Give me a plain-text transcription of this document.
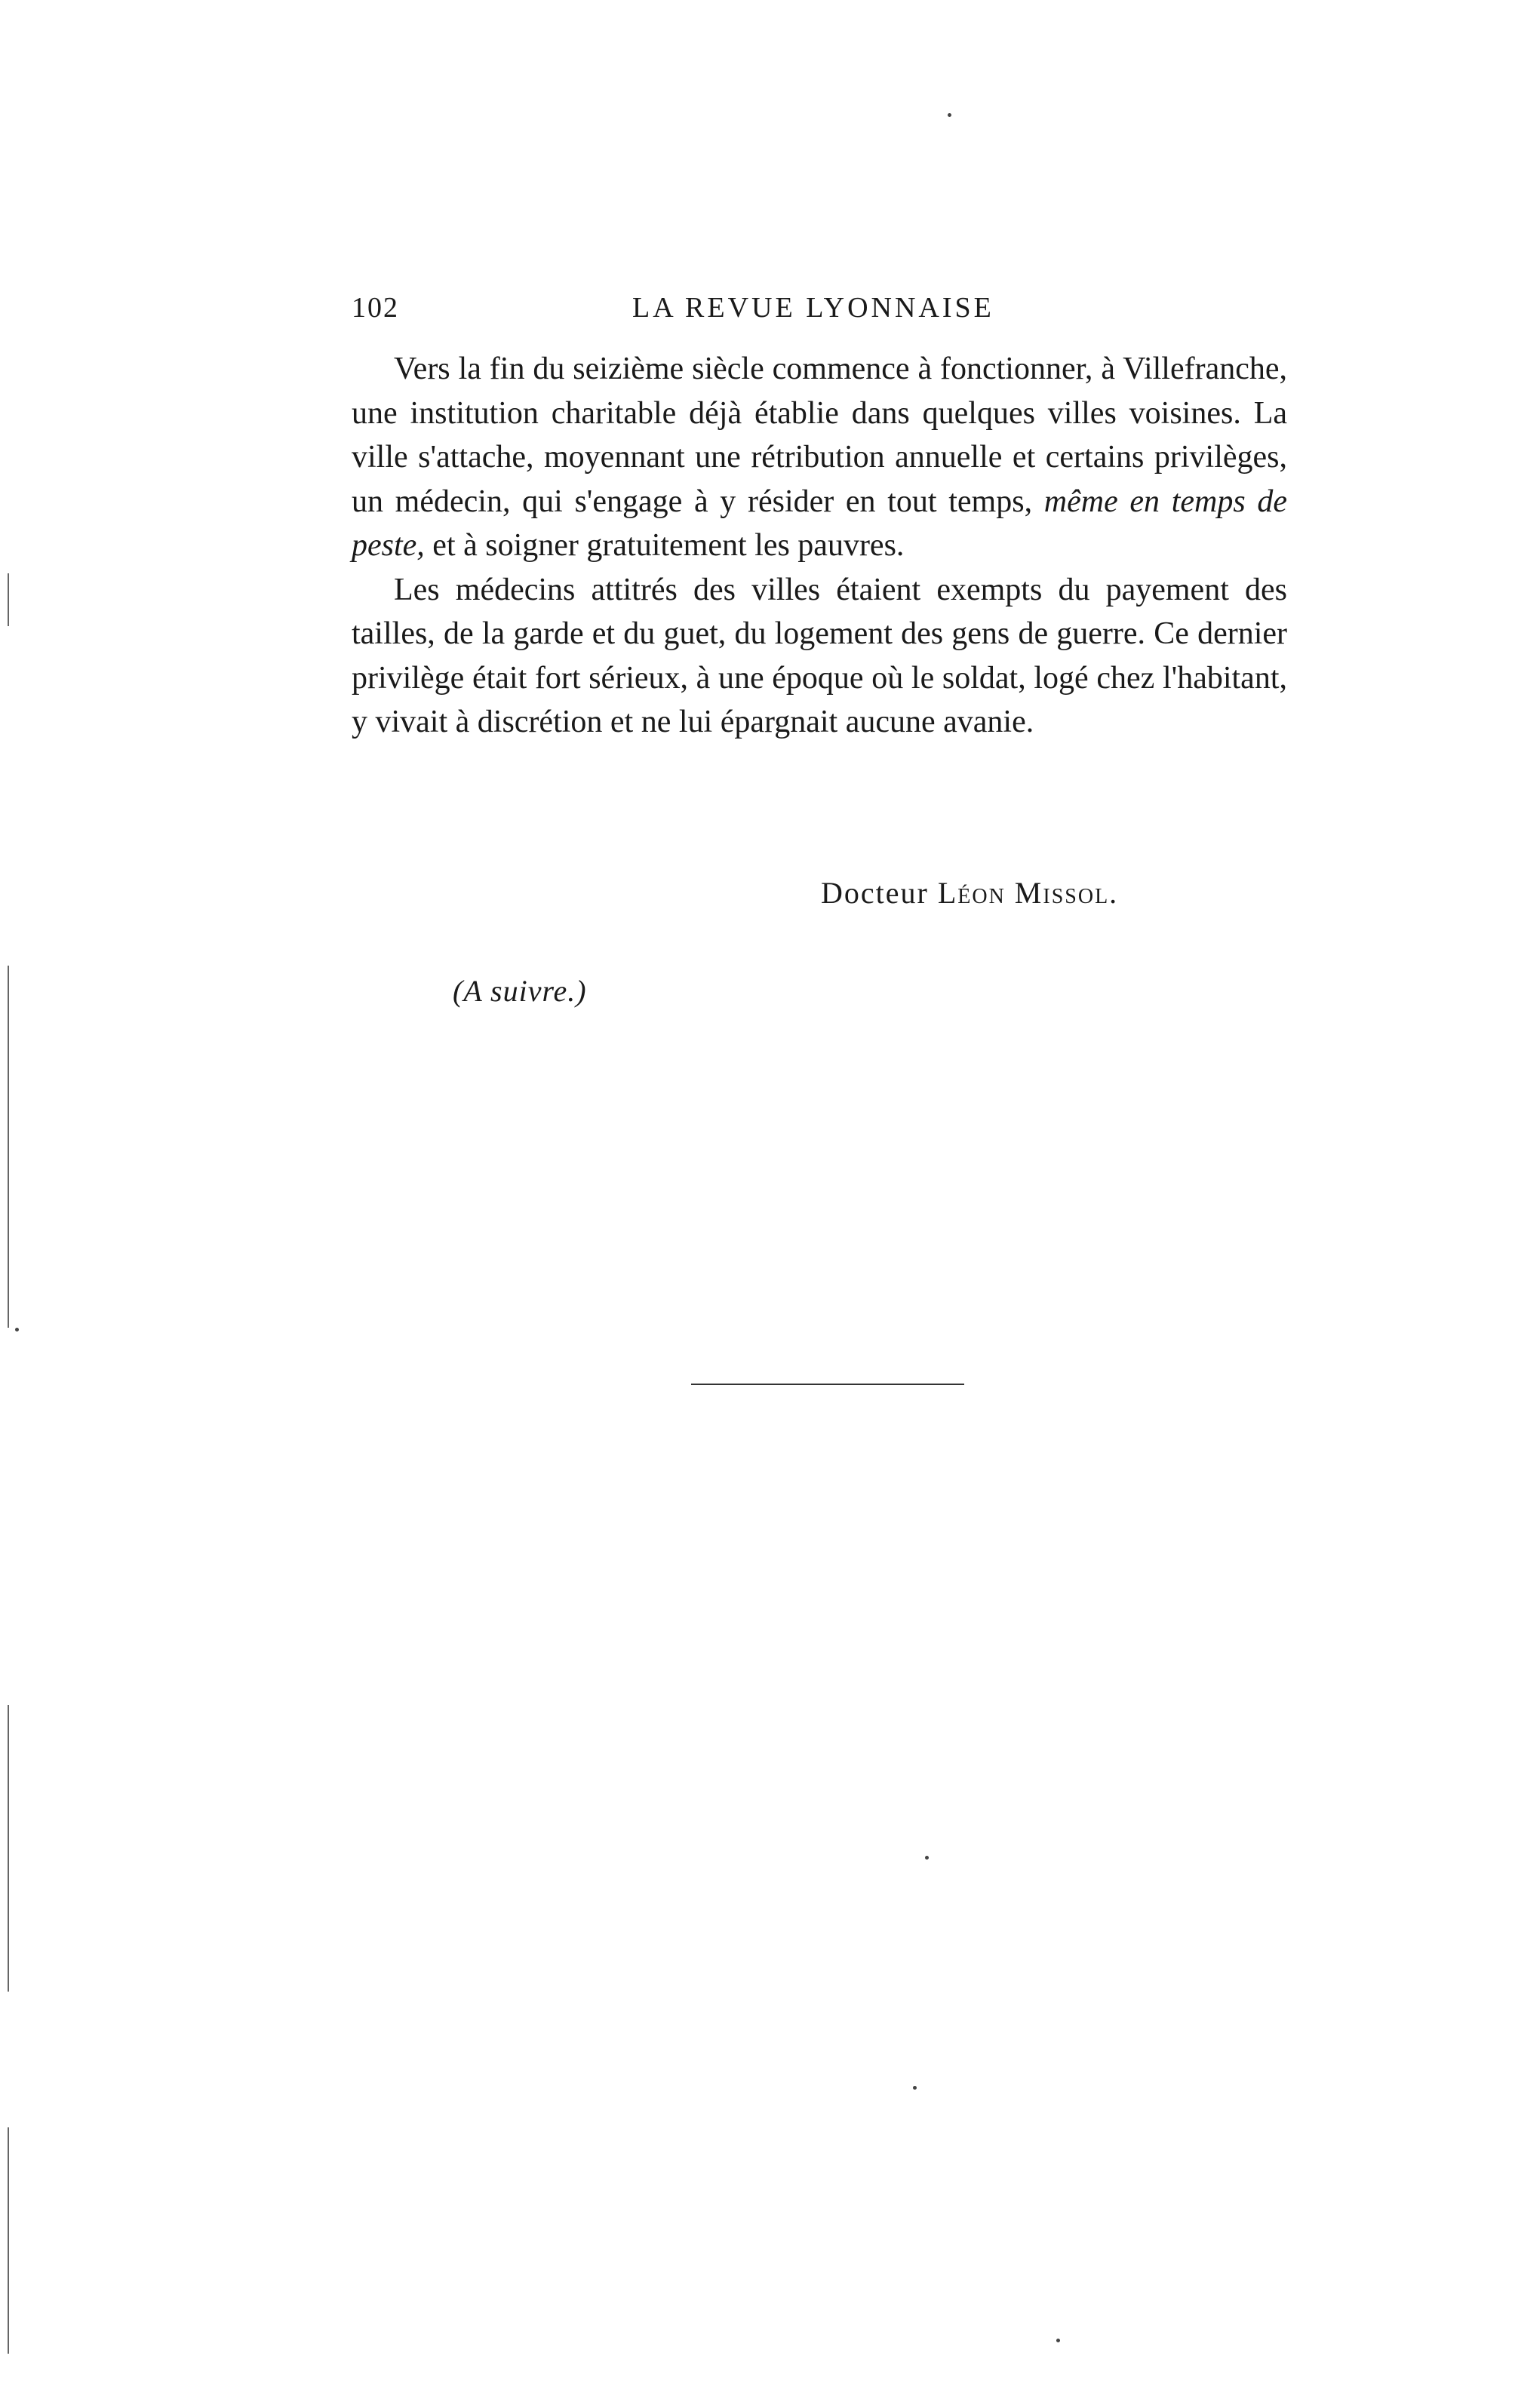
102	LA REVUE LYONNAISE

Vers la fin du seizième siècle commence à fonctionner, à Villefranche, une institution charitable déjà établie dans quelques villes voisines. La ville s'attache, moyennant une rétribution annuelle et certains privilèges, un médecin, qui s'engage à y résider en tout temps, même en temps de peste, et à soigner gratuitement les pauvres.

Les médecins attitrés des villes étaient exempts du payement des tailles, de la garde et du guet, du logement des gens de guerre. Ce dernier privilège était fort sérieux, à une époque où le soldat, logé chez l'habitant, y vivait à discrétion et ne lui épargnait aucune avanie.

Docteur Léon Missol.
(A suivre.)
